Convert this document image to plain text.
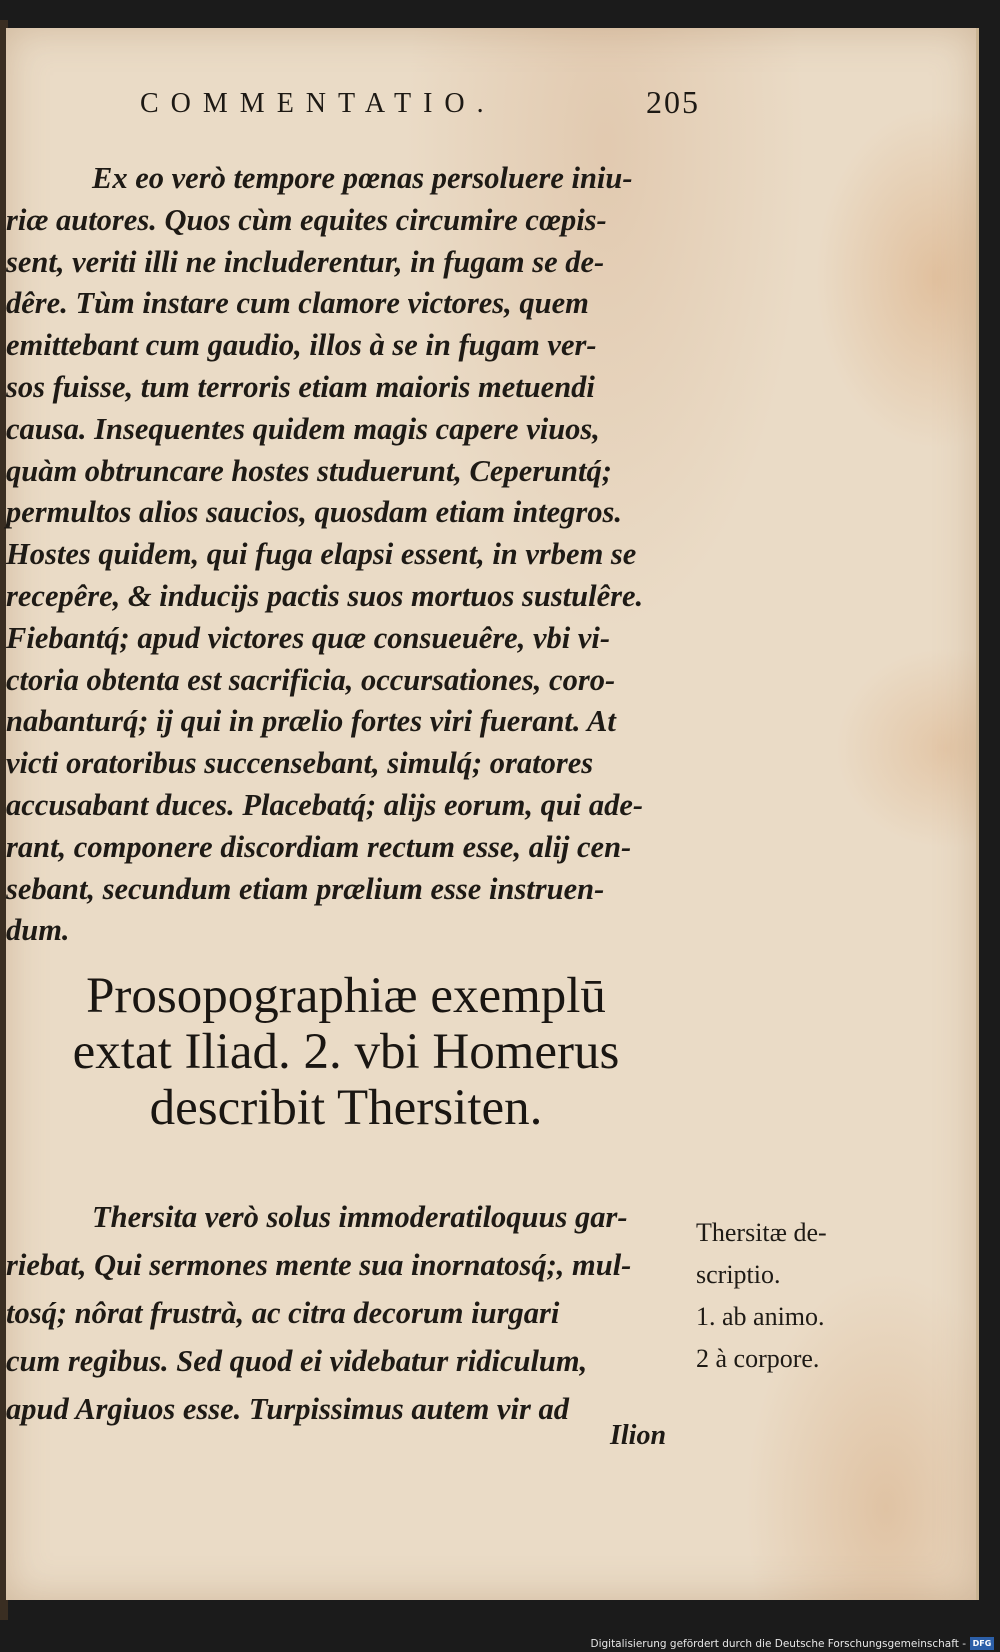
COMMENTATIO.	205
Ex eo verò tempore pœnas persoluere iniu-
riæ autores. Quos cùm equites circumire cœpis-
sent, veriti illi ne includerentur, in fugam se de-
dêre. Tùm instare cum clamore victores, quem
emittebant cum gaudio, illos à se in fugam ver-
sos fuisse, tum terroris etiam maioris metuendi
causa. Insequentes quidem magis capere viuos,
quàm obtruncare hostes studuerunt, Ceperuntq́;
permultos alios saucios, quosdam etiam integros.
Hostes quidem, qui fuga elapsi essent, in vrbem se
recepêre, & inducijs pactis suos mortuos sustulêre.
Fiebantq́; apud victores quæ consueuêre, vbi vi-
ctoria obtenta est sacrificia, occursationes, coro-
nabanturq́; ij qui in prælio fortes viri fuerant. At
victi oratoribus succensebant, simulq́; oratores
accusabant duces. Placebatq́; alijs eorum, qui ade-
rant, componere discordiam rectum esse, alij cen-
sebant, secundum etiam prælium esse instruen-
dum.
Prosopographiæ exemplū
extat Iliad. 2. vbi Homerus
describit Thersiten.
Thersita verò solus immoderatiloquus gar-
riebat, Qui sermones mente sua inornatosq́;, mul-
tosq́; nôrat frustrà, ac citra decorum iurgari
cum regibus. Sed quod ei videbatur ridiculum,
apud Argiuos esse. Turpissimus autem vir ad
Ilion
Thersitæ de-
scriptio.
1. ab animo.
2 à corpore.
Digitalisierung gefördert durch die Deutsche Forschungsgemeinschaft - DFG
